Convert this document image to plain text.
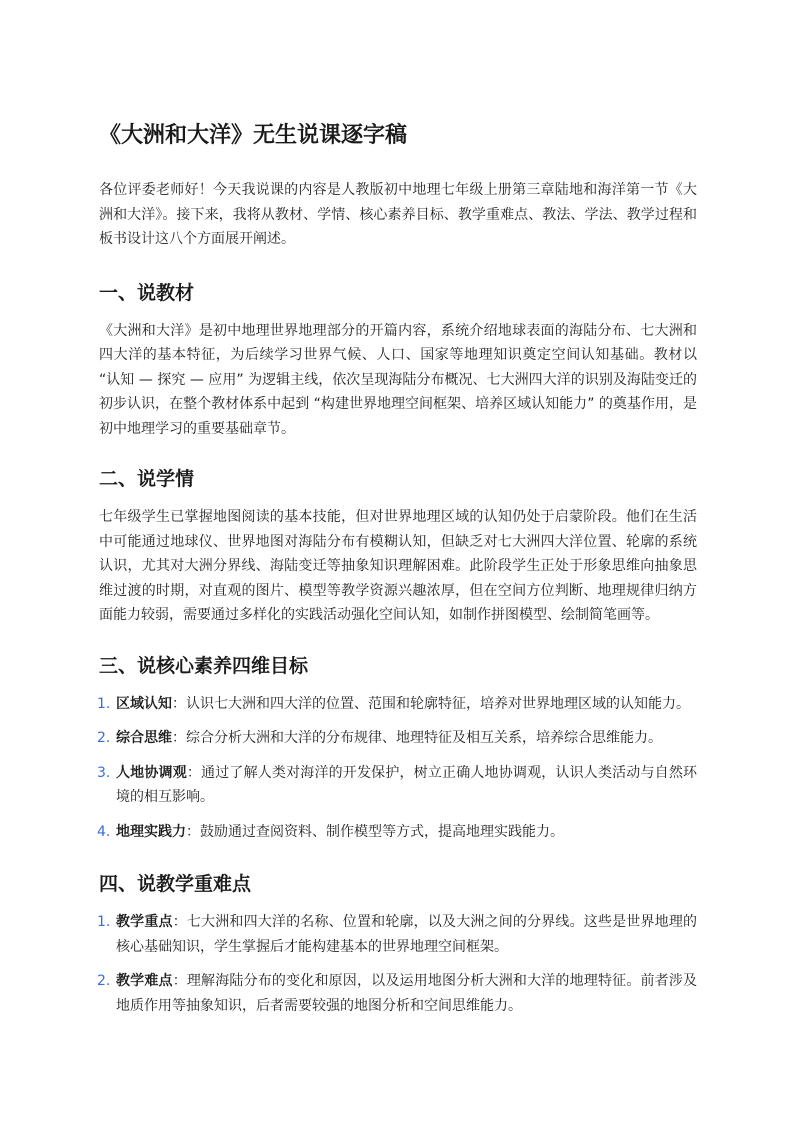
《大洲和大洋》无生说课逐字稿

各位评委老师好！今天我说课的内容是人教版初中地理七年级上册第三章陆地和海洋第一节《大洲和大洋》。接下来，我将从教材、学情、核心素养目标、教学重难点、教法、学法、教学过程和板书设计这八个方面展开阐述。

一、说教材

《大洲和大洋》是初中地理世界地理部分的开篇内容，系统介绍地球表面的海陆分布、七大洲和四大洋的基本特征，为后续学习世界气候、人口、国家等地理知识奠定空间认知基础。教材以 “认知 — 探究 — 应用” 为逻辑主线，依次呈现海陆分布概况、七大洲四大洋的识别及海陆变迁的初步认识，在整个教材体系中起到 “构建世界地理空间框架、培养区域认知能力” 的奠基作用，是初中地理学习的重要基础章节。

二、说学情

七年级学生已掌握地图阅读的基本技能，但对世界地理区域的认知仍处于启蒙阶段。他们在生活中可能通过地球仪、世界地图对海陆分布有模糊认知，但缺乏对七大洲四大洋位置、轮廓的系统认识，尤其对大洲分界线、海陆变迁等抽象知识理解困难。此阶段学生正处于形象思维向抽象思维过渡的时期，对直观的图片、模型等教学资源兴趣浓厚，但在空间方位判断、地理规律归纳方面能力较弱，需要通过多样化的实践活动强化空间认知，如制作拼图模型、绘制简笔画等。

三、说核心素养四维目标
1. 区域认知：认识七大洲和四大洋的位置、范围和轮廓特征，培养对世界地理区域的认知能力。
2. 综合思维：综合分析大洲和大洋的分布规律、地理特征及相互关系，培养综合思维能力。
3. 人地协调观：通过了解人类对海洋的开发保护，树立正确人地协调观，认识人类活动与自然环境的相互影响。
4. 地理实践力：鼓励通过查阅资料、制作模型等方式，提高地理实践能力。
四、说教学重难点
1. 教学重点：七大洲和四大洋的名称、位置和轮廓，以及大洲之间的分界线。这些是世界地理的核心基础知识，学生掌握后才能构建基本的世界地理空间框架。
2. 教学难点：理解海陆分布的变化和原因，以及运用地图分析大洲和大洋的地理特征。前者涉及地质作用等抽象知识，后者需要较强的地图分析和空间思维能力。
